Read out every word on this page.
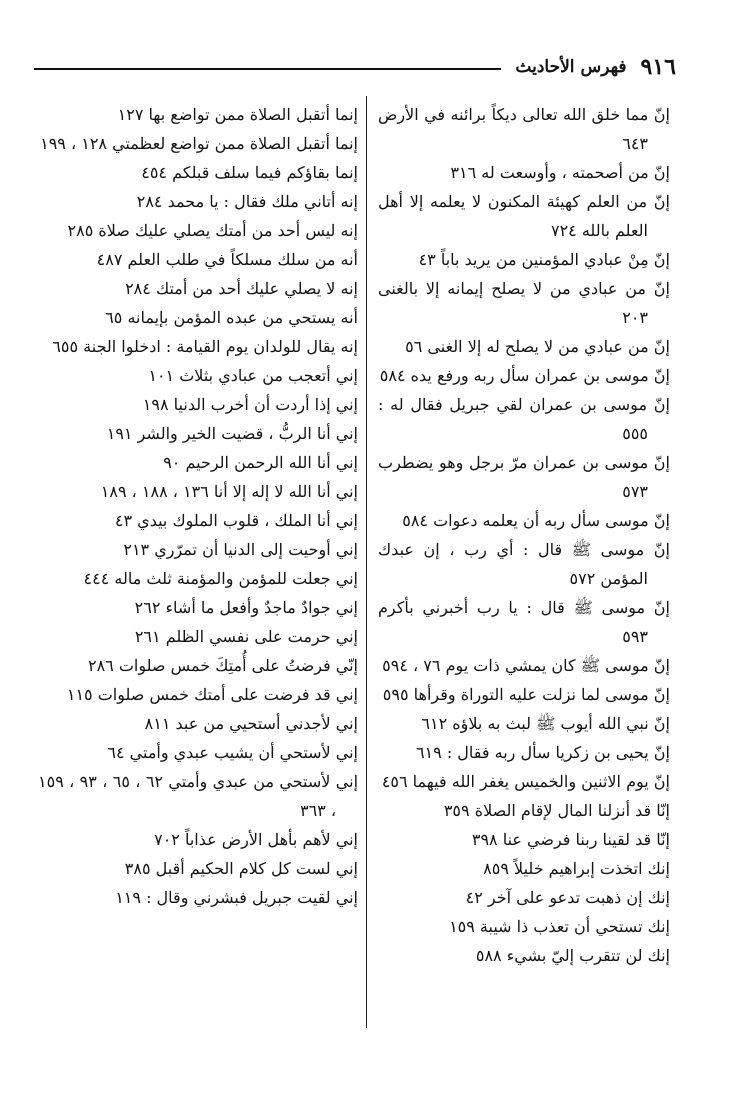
٩١٦
فهرس الأحاديث
إنّ مما خلق الله تعالى ديكاً برائنه في الأرض ٦٤٣
إنّ من أصحمته ، وأوسعت له ٣١٦
إنّ من العلم كهيئة المكنون لا يعلمه إلا أهل العلم بالله ٧٢٤
إنّ مِنْ عبادي المؤمنين من يريد باباً ٤٣
إنّ من عبادي من لا يصلح إيمانه إلا بالغنى ٢٠٣
إنّ من عبادي من لا يصلح له إلا الغنى ٥٦
إنّ موسى بن عمران سأل ربه ورفع يده ٥٨٤
إنّ موسى بن عمران لقي جبريل فقال له : ٥٥٥
إنّ موسى بن عمران مرّ برجل وهو يضطرب ٥٧٣
إنّ موسى سأل ربه أن يعلمه دعوات ٥٨٤
إنّ موسى ﷺ قال : أي رب ، إن عبدك المؤمن ٥٧٢
إنّ موسى ﷺ قال : يا رب أخبرني بأكرم ٥٩٣
إنّ موسى ﷺ كان يمشي ذات يوم ٧٦ ، ٥٩٤
إنّ موسى لما نزلت عليه التوراة وقرأها ٥٩٥
إنّ نبي الله أيوب ﷺ لبث به بلاؤه ٦١٢
إنّ يحيى بن زكريا سأل ربه فقال : ٦١٩
إنّ يوم الاثنين والخميس يغفر الله فيهما ٤٥٦
إنّا قد أنزلنا المال لإقام الصلاة ٣٥٩
إنّا قد لقينا ربنا فرضي عنا ٣٩٨
إنك اتخذت إبراهيم خليلاً ٨٥٩
إنك إن ذهبت تدعو على آخر ٤٢
إنك تستحي أن تعذب ذا شيبة ١٥٩
إنك لن تتقرب إليّ بشيء ٥٨٨
إنما أتقبل الصلاة ممن تواضع بها ١٢٧
إنما أتقبل الصلاة ممن تواضع لعظمتي ١٢٨ ، ١٩٩
إنما بقاؤكم فيما سلف قبلكم ٤٥٤
إنه أتاني ملك فقال : يا محمد ٢٨٤
إنه ليس أحد من أمتك يصلي عليك صلاة ٢٨٥
أنه من سلك مسلكاً في طلب العلم ٤٨٧
إنه لا يصلي عليك أحد من أمتك ٢٨٤
أنه يستحي من عبده المؤمن بإيمانه ٦٥
إنه يقال للولدان يوم القيامة : ادخلوا الجنة ٦٥٥
إني أتعجب من عبادي بثلاث ١٠١
إني إذا أردت أن أخرب الدنيا ١٩٨
إني أنا الربُّ ، قضيت الخير والشر ١٩١
إني أنا الله الرحمن الرحيم ٩٠
إني أنا الله لا إله إلا أنا ١٣٦ ، ١٨٨ ، ١٨٩
إني أنا الملك ، قلوب الملوك بيدي ٤٣
إني أوحيت إلى الدنيا أن تمرّري ٢١٣
إني جعلت للمؤمن والمؤمنة ثلث ماله ٤٤٤
إني جوادٌ ماجدٌ وأفعل ما أشاء ٢٦٢
إني حرمت على نفسي الظلم ٢٦١
إنّي فرضتُ على أُمتِكَ خمس صلوات ٢٨٦
إني قد فرضت على أمتك خمس صلوات ١١٥
إني لأجدني أستحيي من عبد ٨١١
إني لأستحي أن يشيب عبدي وأمتي ٦٤
إني لأستحي من عبدي وأمتي ٦٢ ، ٦٥ ، ٩٣ ، ١٥٩ ، ٣٦٣
إني لأهم بأهل الأرض عذاباً ٧٠٢
إني لست كل كلام الحكيم أقبل ٣٨٥
إني لقيت جبريل فبشرني وقال : ١١٩
